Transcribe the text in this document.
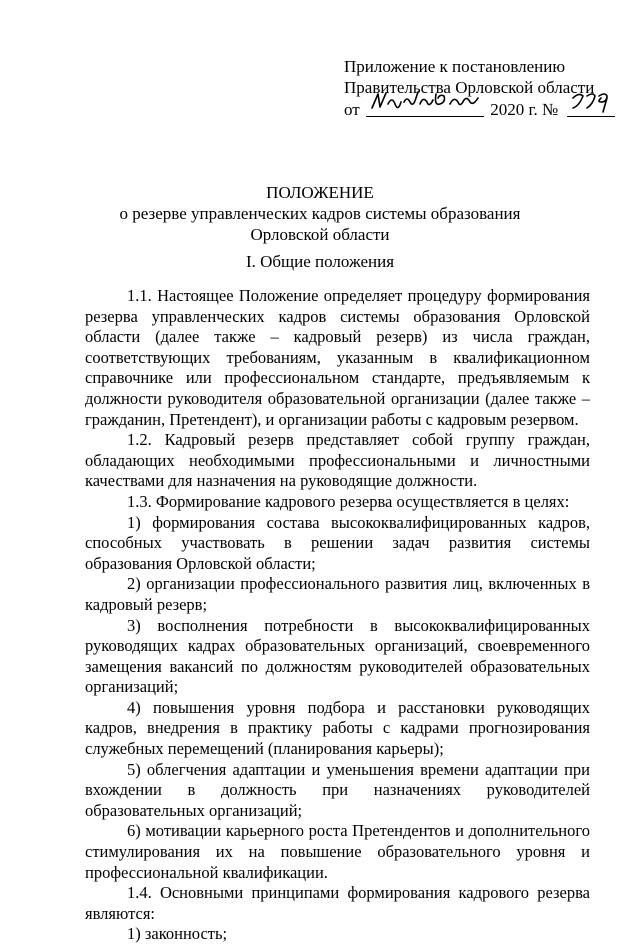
Приложение к постановлению
Правительства Орловской области
от	2020 г. №
ПОЛОЖЕНИЕ
о резерве управленческих кадров системы образования
Орловской области
I. Общие положения

1.1. Настоящее Положение определяет процедуру формирования резерва управленческих кадров системы образования Орловской области (далее также – кадровый резерв) из числа граждан, соответствующих требованиям, указанным в квалификационном справочнике или профессиональном стандарте, предъявляемым к должности руководителя образовательной организации (далее также – гражданин, Претендент), и организации работы с кадровым резервом.

1.2. Кадровый резерв представляет собой группу граждан, обладающих необходимыми профессиональными и личностными качествами для назначения на руководящие должности.

1.3. Формирование кадрового резерва осуществляется в целях:

1) формирования состава высококвалифицированных кадров, способных участвовать в решении задач развития системы образования Орловской области;

2) организации профессионального развития лиц, включенных в кадровый резерв;

3) восполнения потребности в высококвалифицированных руководящих кадрах образовательных организаций, своевременного замещения вакансий по должностям руководителей образовательных организаций;

4) повышения уровня подбора и расстановки руководящих кадров, внедрения в практику работы с кадрами прогнозирования служебных перемещений (планирования карьеры);

5) облегчения адаптации и уменьшения времени адаптации при вхождении в должность при назначениях руководителей образовательных организаций;

6) мотивации карьерного роста Претендентов и дополнительного стимулирования их на повышение образовательного уровня и профессиональной квалификации.

1.4. Основными принципами формирования кадрового резерва являются:

1) законность;
